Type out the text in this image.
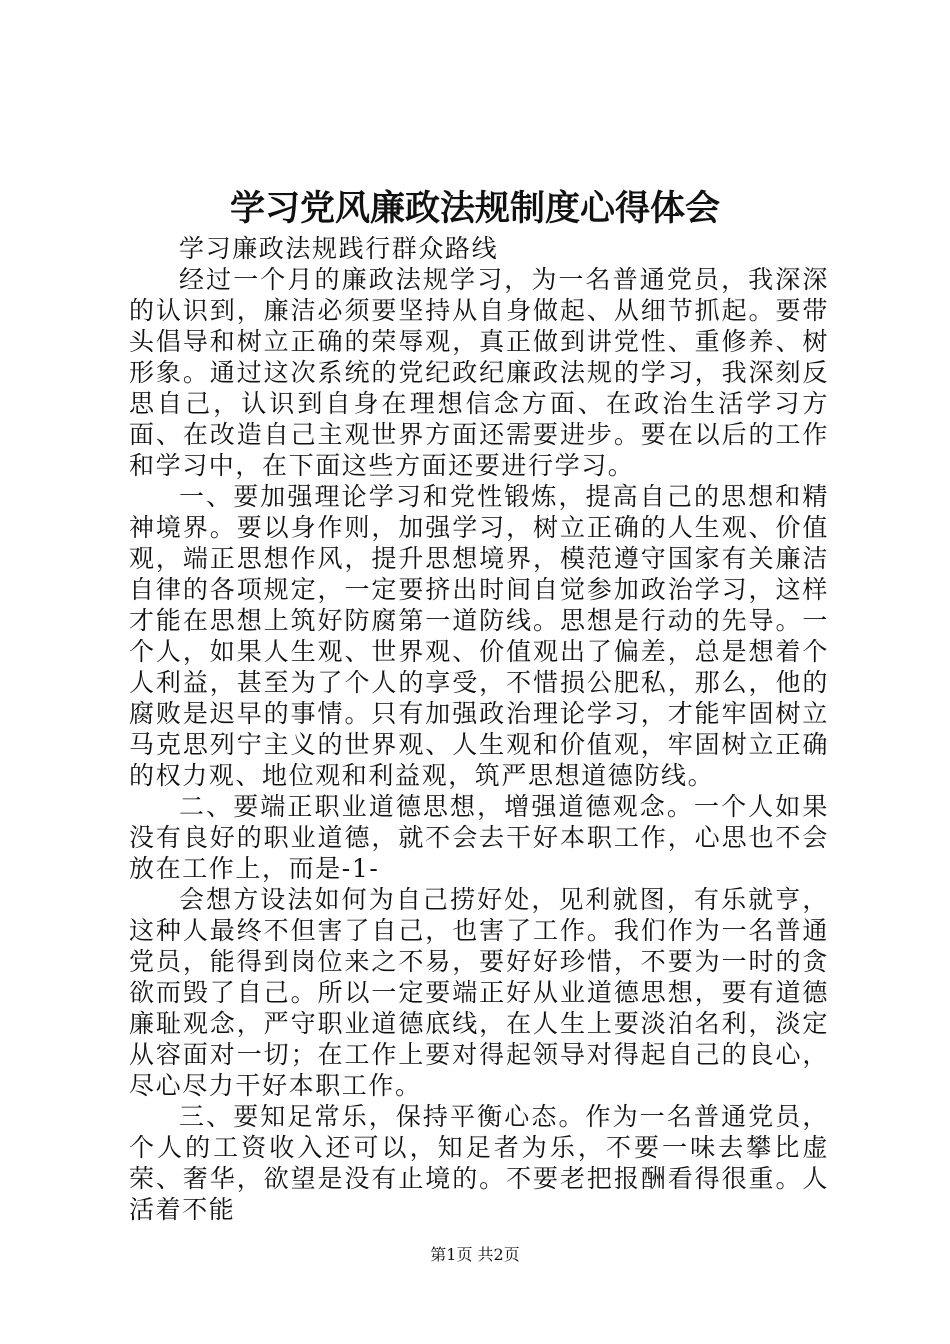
学习党风廉政法规制度心得体会

学习廉政法规践行群众路线

经过一个月的廉政法规学习，为一名普通党员，我深深的认识到，廉洁必须要坚持从自身做起、从细节抓起。要带头倡导和树立正确的荣辱观，真正做到讲党性、重修养、树形象。通过这次系统的党纪政纪廉政法规的学习，我深刻反思自己，认识到自身在理想信念方面、在政治生活学习方面、在改造自己主观世界方面还需要进步。要在以后的工作和学习中，在下面这些方面还要进行学习。

一、要加强理论学习和党性锻炼，提高自己的思想和精神境界。要以身作则，加强学习，树立正确的人生观、价值观，端正思想作风，提升思想境界，模范遵守国家有关廉洁自律的各项规定，一定要挤出时间自觉参加政治学习，这样才能在思想上筑好防腐第一道防线。思想是行动的先导。一个人，如果人生观、世界观、价值观出了偏差，总是想着个人利益，甚至为了个人的享受，不惜损公肥私，那么，他的腐败是迟早的事情。只有加强政治理论学习，才能牢固树立马克思列宁主义的世界观、人生观和价值观，牢固树立正确的权力观、地位观和利益观，筑严思想道德防线。

二、要端正职业道德思想，增强道德观念。一个人如果没有良好的职业道德，就不会去干好本职工作，心思也不会放在工作上，而是-1-

会想方设法如何为自己捞好处，见利就图，有乐就亨，这种人最终不但害了自己，也害了工作。我们作为一名普通党员，能得到岗位来之不易，要好好珍惜，不要为一时的贪欲而毁了自己。所以一定要端正好从业道德思想，要有道德廉耻观念，严守职业道德底线，在人生上要淡泊名利，淡定从容面对一切；在工作上要对得起领导对得起自己的良心，尽心尽力干好本职工作。

三、要知足常乐，保持平衡心态。作为一名普通党员，个人的工资收入还可以，知足者为乐，不要一味去攀比虚荣、奢华，欲望是没有止境的。不要老把报酬看得很重。人活着不能

第1页 共2页
